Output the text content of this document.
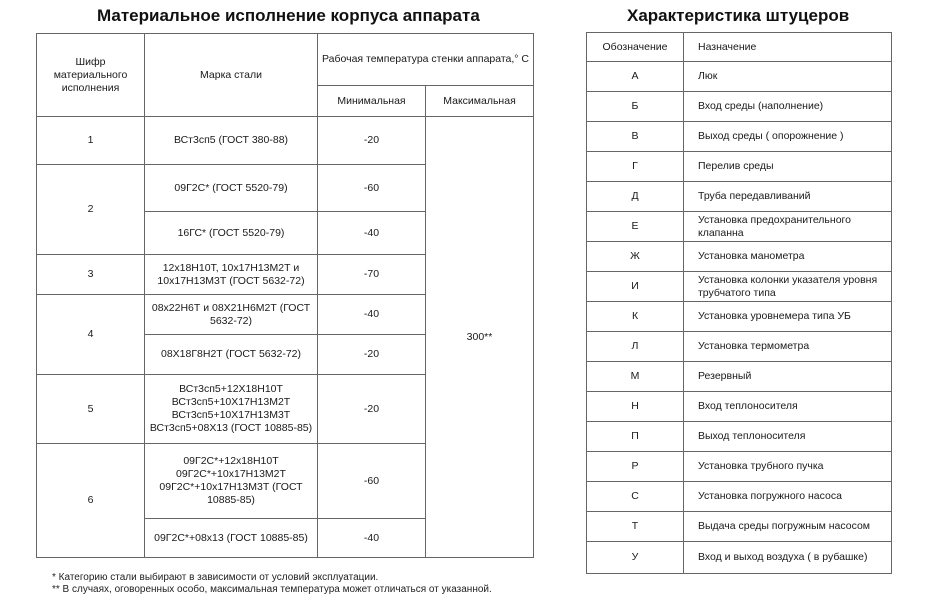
Материальное исполнение корпуса аппарата	Характеристика штуцеров
Шифр материального исполнения	Марка стали	Рабочая температура стенки аппарата,° С	
		Минимальная	Максимальная
1	ВСт3сп5 (ГОСТ 380-88)	-20	300**
2	09Г2С* (ГОСТ 5520-79)	-60	
	16ГС* (ГОСТ 5520-79)	-40	
3	12х18Н10Т, 10х17Н13М2Т и 10х17Н13М3Т (ГОСТ 5632-72)	-70	
4	08х22Н6Т и 08Х21Н6М2Т (ГОСТ 5632-72)	-40	
	08Х18Г8Н2Т (ГОСТ 5632-72)	-20	
5	ВСт3сп5+12Х18Н10Т ВСт3сп5+10Х17Н13М2Т ВСт3сп5+10Х17Н13М3Т ВСт3сп5+08Х13 (ГОСТ 10885-85)	-20	
6	09Г2С*+12х18Н10Т 09Г2С*+10х17Н13М2Т 09Г2С*+10х17Н13М3Т (ГОСТ 10885-85)	-60	
	09Г2С*+08х13 (ГОСТ 10885-85)	-40	
Обозначение	Назначение
А	Люк
Б	Вход среды (наполнение)
В	Выход среды ( опорожнение )
Г	Перелив среды
Д	Труба передавливаний
Е	Установка предохранительного клапанна
Ж	Установка манометра
И	Установка колонки указателя уровня трубчатого типа
К	Установка уровнемера типа УБ
Л	Установка термометра
М	Резервный
Н	Вход теплоносителя
П	Выход теплоносителя
Р	Установка трубного пучка
С	Установка погружного насоса
Т	Выдача среды погружным насосом
У	Вход и выход воздуха ( в рубашке)
* Категорию стали выбирают в зависимости от условий эксплуатации.
** В случаях, оговоренных особо, максимальная температура может отличаться от указанной.
